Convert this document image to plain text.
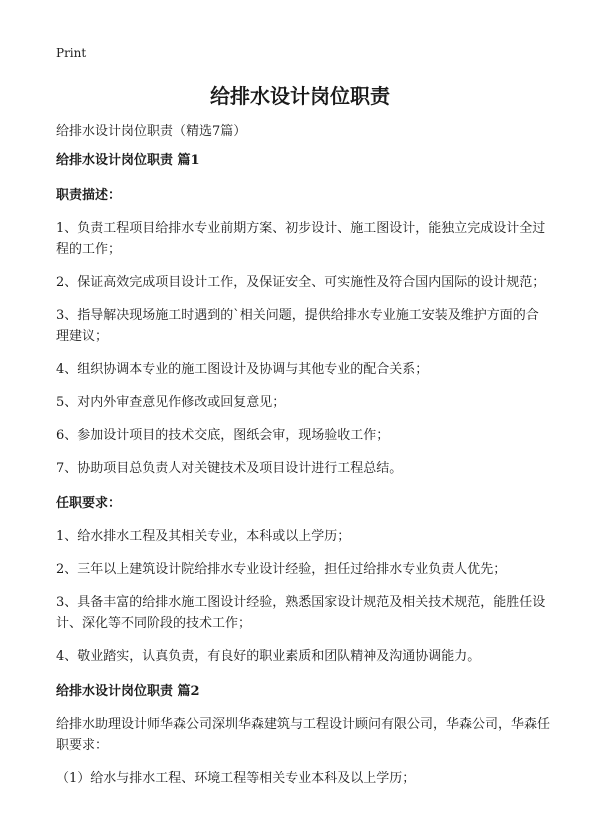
Print
给排水设计岗位职责
给排水设计岗位职责（精选7篇）

给排水设计岗位职责 篇1

职责描述：

1、负责工程项目给排水专业前期方案、初步设计、施工图设计，能独立完成设计全过程的工作；

2、保证高效完成项目设计工作，及保证安全、可实施性及符合国内国际的设计规范；

3、指导解决现场施工时遇到的`相关问题，提供给排水专业施工安装及维护方面的合理建议；

4、组织协调本专业的施工图设计及协调与其他专业的配合关系；

5、对内外审查意见作修改或回复意见；

6、参加设计项目的技术交底，图纸会审，现场验收工作；

7、协助项目总负责人对关键技术及项目设计进行工程总结。

任职要求：

1、给水排水工程及其相关专业，本科或以上学历；

2、三年以上建筑设计院给排水专业设计经验，担任过给排水专业负责人优先；

3、具备丰富的给排水施工图设计经验，熟悉国家设计规范及相关技术规范，能胜任设计、深化等不同阶段的技术工作；

4、敬业踏实，认真负责，有良好的职业素质和团队精神及沟通协调能力。

给排水设计岗位职责 篇2

给排水助理设计师华森公司深圳华森建筑与工程设计顾问有限公司，华森公司，华森任职要求：

（1）给水与排水工程、环境工程等相关专业本科及以上学历；
